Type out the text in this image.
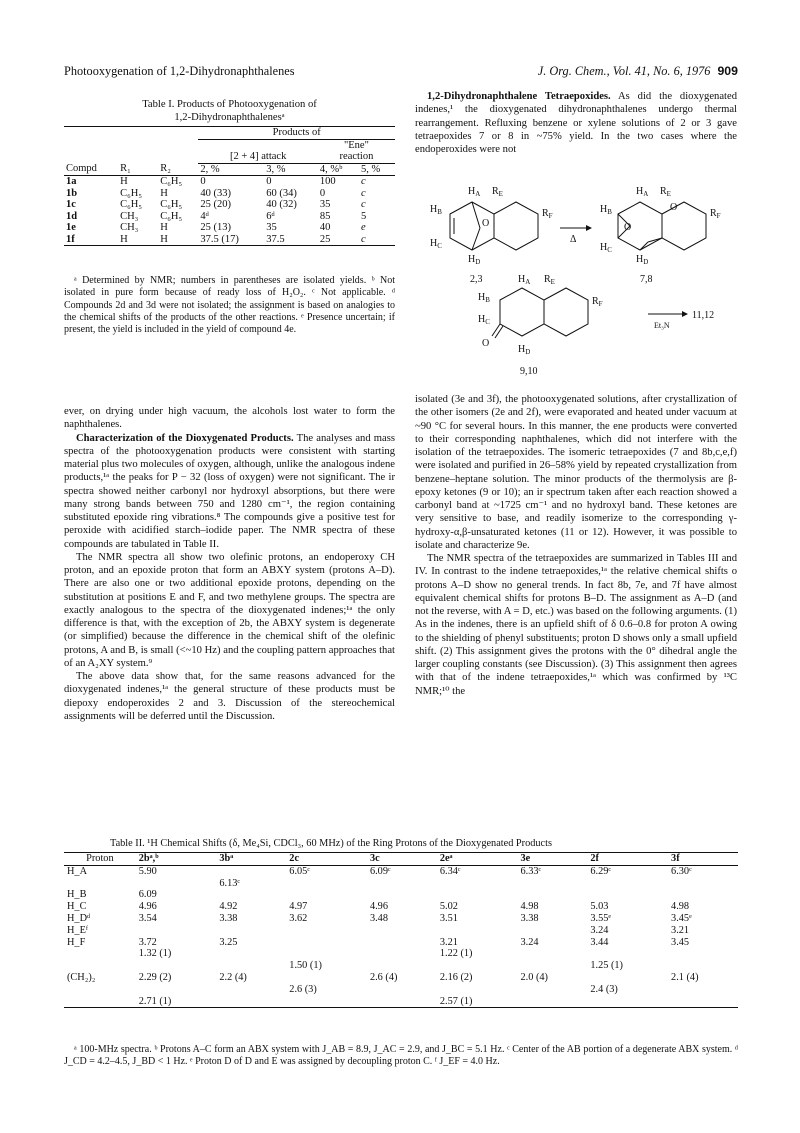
Photooxygenation of 1,2-Dihydronaphthalenes	J. Org. Chem., Vol. 41, No. 6, 1976 909
Table I. Products of Photooxygenation of
1,2-Dihydronaphthalenesᵃ
			Products of			
					"Ene"	
			[2 + 4] attack		reaction	
Compd	R₁	R₂	2, %	3, %	4, %ᵇ	5, %
1a	H	C₆H₅	0	0	100	c
1b	C₆H₅	H	40 (33)	60 (34)	0	c
1c	C₆H₅	C₆H₅	25 (20)	40 (32)	35	c
1d	CH₃	C₆H₅	4ᵈ	6ᵈ	85	5
1e	CH₃	H	25 (13)	35	40	e
1f	H	H	37.5 (17)	37.5	25	c

ᵃ Determined by NMR; numbers in parentheses are isolated yields. ᵇ Not isolated in pure form because of ready loss of H₂O₂. ᶜ Not applicable. ᵈ Compounds 2d and 3d were not isolated; the assignment is based on analogies to the chemical shifts of the products of the other reactions. ᵉ Presence uncertain; if present, the yield is included in the yield of compound 4e.

ever, on drying under high vacuum, the alcohols lost water to form the naphthalenes.

Characterization of the Dioxygenated Products. The analyses and mass spectra of the photooxygenation products were consistent with starting material plus two molecules of oxygen, although, unlike the analogous indene products,¹ᵃ the peaks for P − 32 (loss of oxygen) were not significant. The ir spectra showed neither carbonyl nor hydroxyl absorptions, but there were many strong bands between 750 and 1280 cm⁻¹, the region containing substituted epoxide ring vibrations.⁸ The compounds give a positive test for peroxide with acidified starch–iodide paper. The NMR spectra of these compounds are tabulated in Table II.

The NMR spectra all show two olefinic protons, an endoperoxy CH proton, and an epoxide proton that form an ABXY system (protons A–D). There are also one or two additional epoxide protons, depending on the substitution at positions E and F, and two methylene groups. The spectra are exactly analogous to the spectra of the dioxygenated indenes;¹ᵃ the only difference is that, with the exception of 2b, the ABXY system is degenerate (or simplified) because the difference in the chemical shift of the olefinic protons, A and B, is small (<~10 Hz) and the coupling pattern approaches that of an A₂XY system.⁹

The above data show that, for the same reasons advanced for the dioxygenated indenes,¹ᵃ the general structure of these products must be diepoxy endoperoxides 2 and 3. Discussion of the stereochemical assignments will be deferred until the Discussion.

1,2-Dihydronaphthalene Tetraepoxides. As did the dioxygenated indenes,¹ the dioxygenated dihydronaphthalenes undergo thermal rearrangement. Refluxing benzene or xylene solutions of 2 or 3 gave tetraepoxides 7 or 8 in ~75% yield. In the two cases where the endoperoxides were not

$H_A$ $R_E$
$R_F$
$H_B$
$H_C$
$H_D$
O
Δ
2,3
$H_A$ $R_E$
$R_F$
$H_B$
$H_C$
$H_D$
O
O
7,8
$H_A$ $R_E$
$R_F$
$H_B$
$H_C$
O
$H_D$
9,10
Et₃N
11,12

isolated (3e and 3f), the photooxygenated solutions, after crystallization of the other isomers (2e and 2f), were evaporated and heated under vacuum at ~90 °C for several hours. In this manner, the ene products were converted to their corresponding naphthalenes, which did not interfere with the isolation of the tetraepoxides. The isomeric tetraepoxides (7 and 8b,c,e,f) were isolated and purified in 26–58% yield by repeated crystallization from benzene–heptane solution. The minor products of the thermolysis are β-epoxy ketones (9 or 10); an ir spectrum taken after each reaction showed a carbonyl band at ~1725 cm⁻¹ and no hydroxyl band. These ketones are very sensitive to base, and readily isomerize to the corresponding γ-hydroxy-α,β-unsaturated ketones (11 or 12). However, it was possible to isolate and characterize 9e.

The NMR spectra of the tetraepoxides are summarized in Tables III and IV. In contrast to the indene tetraepoxides,¹ᵃ the relative chemical shifts o protons A–D show no general trends. In fact 8b, 7e, and 7f have almost equivalent chemical shifts for protons B–D. The assignment as A–D (and not the reverse, with A = D, etc.) was based on the following arguments. (1) As in the indenes, there is an upfield shift of δ 0.6–0.8 for proton A owing to the shielding of phenyl substituents; proton D shows only a small upfield shift. (2) This assignment gives the protons with the 0° dihedral angle the larger coupling constants (see Discussion). (3) This assignment then agrees with that of the indene tetraepoxides,¹ᵃ which was confirmed by ¹³C NMR;¹⁰ the

Table II. ¹H Chemical Shifts (δ, Me₄Si, CDCl₃, 60 MHz) of the Ring Protons of the Dioxygenated Products
Proton	2bᵃ,ᵇ	3bᵃ	2c	3c	2eᵃ	3e	2f	3f
H_A	5.90		6.05ᶜ	6.09ᶜ	6.34ᶜ	6.33ᶜ	6.29ᶜ	6.30ᶜ
		6.13ᶜ						
H_B	6.09							
H_C	4.96	4.92	4.97	4.96	5.02	4.98	5.03	4.98
H_Dᵈ	3.54	3.38	3.62	3.48	3.51	3.38	3.55ᵉ	3.45ᵉ
H_Eᶠ							3.24	3.21
H_F	3.72	3.25			3.21	3.24	3.44	3.45
	1.32 (1)				1.22 (1)			
			1.50 (1)				1.25 (1)	
(CH₂)₂	2.29 (2)	2.2 (4)		2.6 (4)	2.16 (2)	2.0 (4)		2.1 (4)
			2.6 (3)				2.4 (3)	
	2.71 (1)				2.57 (1)			

ᵃ 100-MHz spectra. ᵇ Protons A–C form an ABX system with J_AB = 8.9, J_AC = 2.9, and J_BC = 5.1 Hz. ᶜ Center of the AB portion of a degenerate ABX system. ᵈ J_CD = 4.2–4.5, J_BD < 1 Hz. ᵉ Proton D of D and E was assigned by decoupling proton C. ᶠ J_EF = 4.0 Hz.
